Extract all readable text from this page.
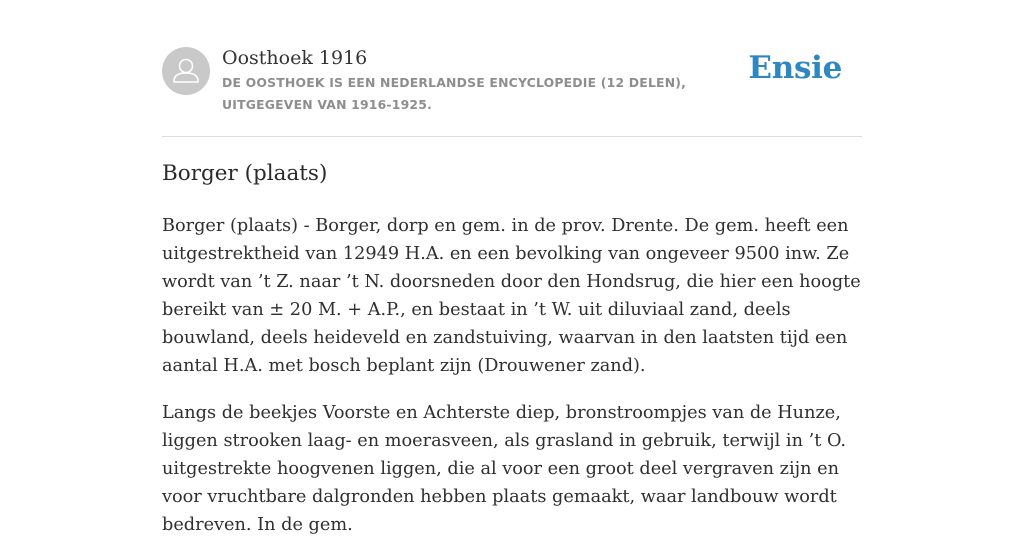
Oosthoek 1916
DE OOSTHOEK IS EEN NEDERLANDSE ENCYCLOPEDIE (12 DELEN), UITGEGEVEN VAN 1916-1925.
Ensie
Borger (plaats)

Borger (plaats) - Borger, dorp en gem. in de prov. Drente. De gem. heeft een uitgestrektheid van 12949 H.A. en een bevolking van ongeveer 9500 inw. Ze wordt van ’t Z. naar ’t N. doorsneden door den Hondsrug, die hier een hoogte bereikt van ± 20 M. + A.P., en bestaat in ’t W. uit diluviaal zand, deels bouwland, deels heideveld en zandstuiving, waarvan in den laatsten tijd een aantal H.A. met bosch beplant zijn (Drouwener zand).

Langs de beekjes Voorste en Achterste diep, bronstroompjes van de Hunze, liggen strooken laag- en moerasveen, als grasland in gebruik, terwijl in ’t O. uitgestrekte hoogvenen liggen, die al voor een groot deel vergraven zijn en voor vruchtbare dalgronden hebben plaats gemaakt, waar landbouw wordt bedreven. In de gem.
